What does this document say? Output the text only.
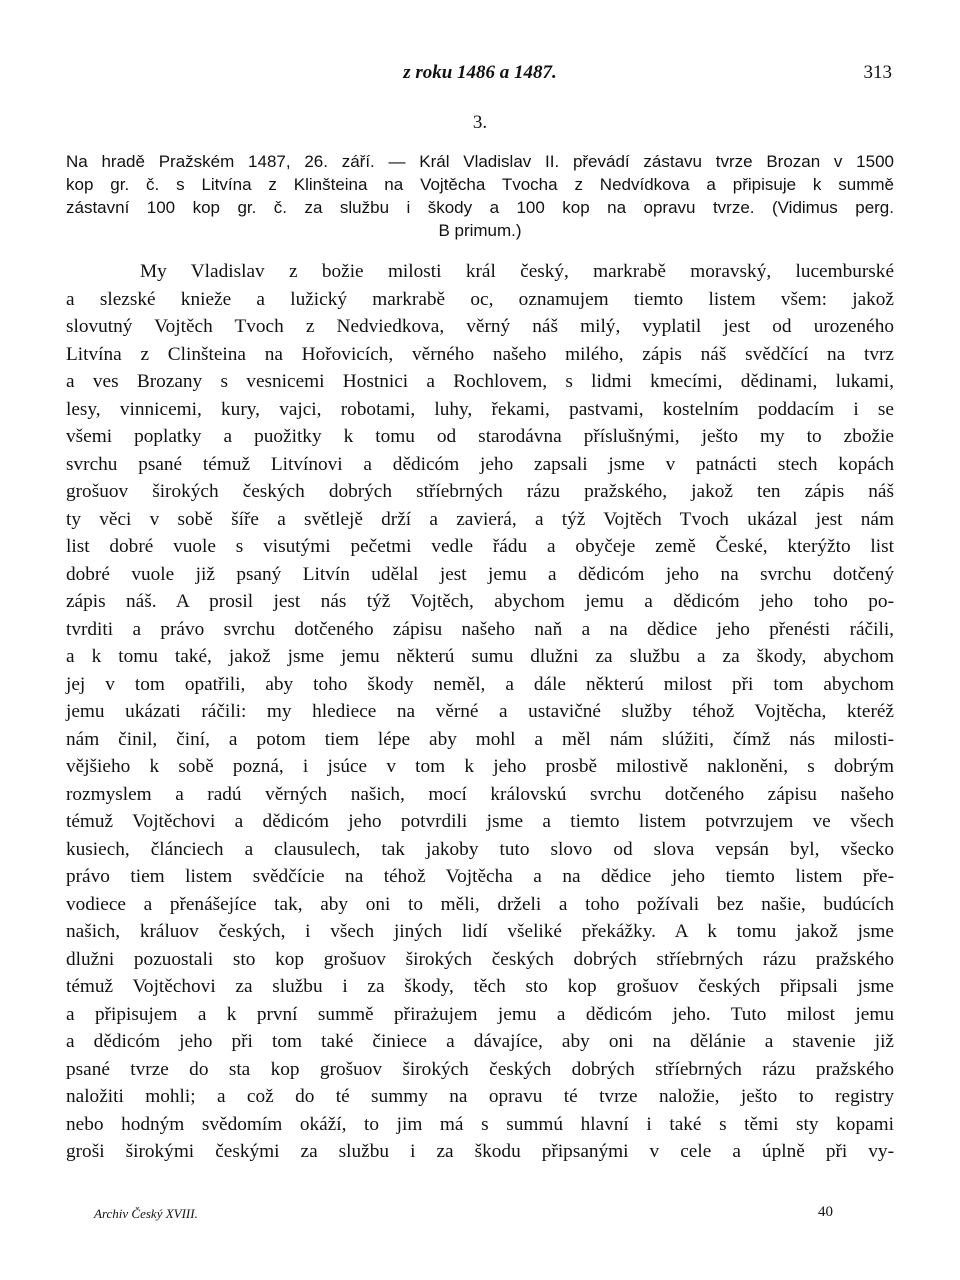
z roku 1486 a 1487.	313
3.
Na hradě Pražském 1487, 26. září. — Král Vladislav II. převádí zástavu tvrze Brozan v 1500
kop gr. č. s Litvína z Klinšteina na Vojtěcha Tvocha z Nedvídkova a připisuje k summě
zástavní 100 kop gr. č. za službu i škody a 100 kop na opravu tvrze. (Vidimus perg.
B primum.)
My Vladislav z božie milosti král český, markrabě moravský, lucemburské
a slezské knieže a lužický markrabě oc, oznamujem tiemto listem všem: jakož
slovutný Vojtěch Tvoch z Nedviedkova, věrný náš milý, vyplatil jest od urozeného
Litvína z Clinšteina na Hořovicích, věrného našeho milého, zápis náš svědčící na tvrz
a ves Brozany s vesnicemi Hostnici a Rochlovem, s lidmi kmecími, dědinami, lukami,
lesy, vinnicemi, kury, vajci, robotami, luhy, řekami, pastvami, kostelním poddacím i se
všemi poplatky a puožitky k tomu od starodávna příslušnými, ješto my to zbožie
svrchu psané témuž Litvínovi a dědicóm jeho zapsali jsme v patnácti stech kopách
grošuov širokých českých dobrých stříebrných rázu pražského, jakož ten zápis náš
ty věci v sobě šíře a světlejě drží a zavierá, a týž Vojtěch Tvoch ukázal jest nám
list dobré vuole s visutými pečetmi vedle řádu a obyčeje země České, kterýžto list
dobré vuole již psaný Litvín udělal jest jemu a dědicóm jeho na svrchu dotčený
zápis náš. A prosil jest nás týž Vojtěch, abychom jemu a dědicóm jeho toho po-
tvrditi a právo svrchu dotčeného zápisu našeho naň a na dědice jeho přenésti ráčili,
a k tomu také, jakož jsme jemu některú sumu dlužni za službu a za škody, abychom
jej v tom opatřili, aby toho škody neměl, a dále některú milost při tom abychom
jemu ukázati ráčili: my hlediece na věrné a ustavičné služby téhož Vojtěcha, kteréž
nám činil, činí, a potom tiem lépe aby mohl a měl nám slúžiti, čímž nás milosti-
vějšieho k sobě pozná, i jsúce v tom k jeho prosbě milostivě nakloněni, s dobrým
rozmyslem a radú věrných našich, mocí královskú svrchu dotčeného zápisu našeho
témuž Vojtěchovi a dědicóm jeho potvrdili jsme a tiemto listem potvrzujem ve všech
kusiech, článciech a clausulech, tak jakoby tuto slovo od slova vepsán byl, všecko
právo tiem listem svědčície na téhož Vojtěcha a na dědice jeho tiemto listem pře-
vodiece a přenášejíce tak, aby oni to měli, drželi a toho požívali bez našie, budúcích
našich, králuov českých, i všech jiných lidí všeliké překážky. A k tomu jakož jsme
dlužni pozuostali sto kop grošuov širokých českých dobrých stříebrných rázu pražského
témuž Vojtěchovi za službu i za škody, těch sto kop grošuov českých připsali jsme
a připisujem a k první summě přirażujem jemu a dědicóm jeho. Tuto milost jemu
a dědicóm jeho při tom také činiece a dávajíce, aby oni na dělánie a stavenie již
psané tvrze do sta kop grošuov širokých českých dobrých stříebrných rázu pražského
naložiti mohli; a což do té summy na opravu té tvrze naložie, ješto to registry
nebo hodným svědomím okáží, to jim má s summú hlavní i také s těmi sty kopami
groši širokými českými za službu i za škodu připsanými v cele a úplně při vy-
Archiv Český XVIII.	40
